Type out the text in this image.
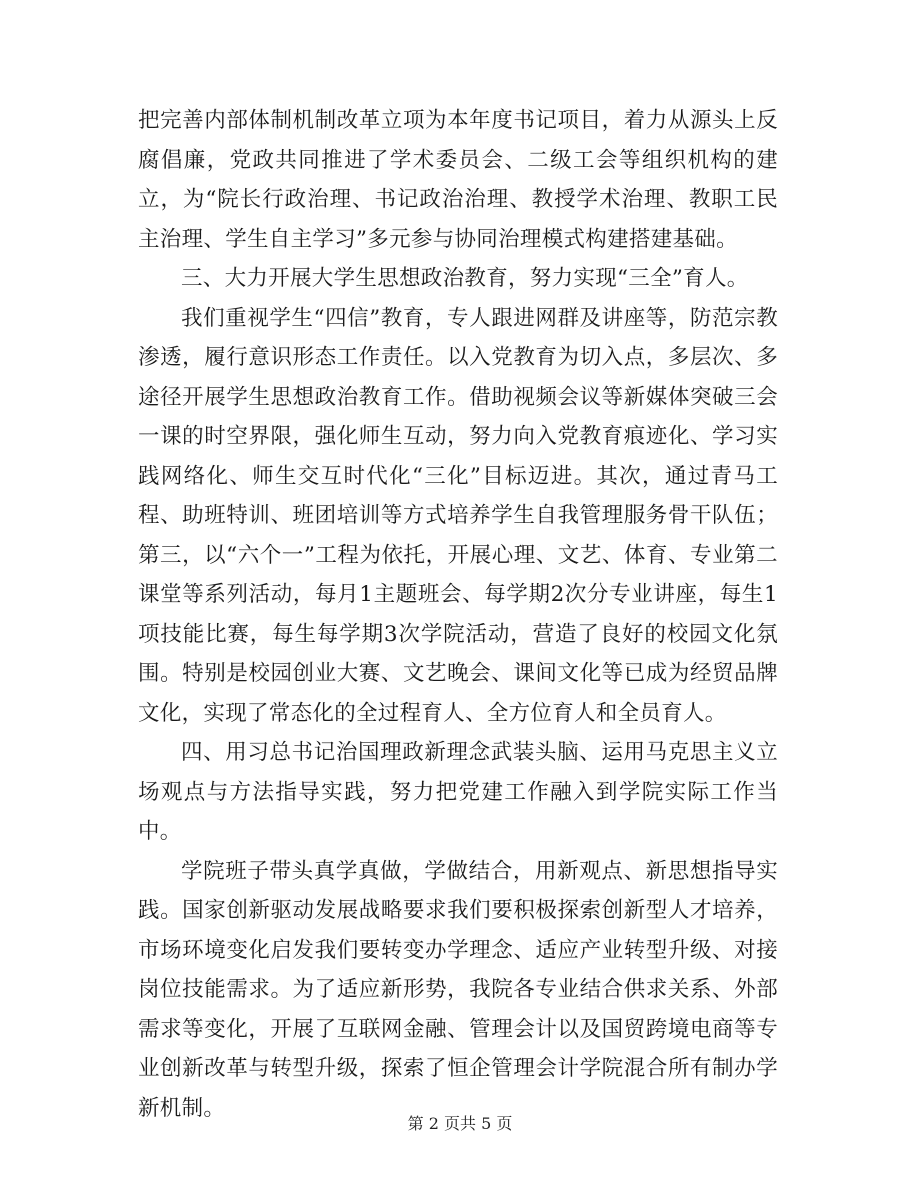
把完善内部体制机制改革立项为本年度书记项目，着力从源头上反腐倡廉，党政共同推进了学术委员会、二级工会等组织机构的建立，为“院长行政治理、书记政治治理、教授学术治理、教职工民主治理、学生自主学习”多元参与协同治理模式构建搭建基础。

三、大力开展大学生思想政治教育，努力实现“三全”育人。

我们重视学生“四信”教育，专人跟进网群及讲座等，防范宗教渗透，履行意识形态工作责任。以入党教育为切入点，多层次、多途径开展学生思想政治教育工作。借助视频会议等新媒体突破三会一课的时空界限，强化师生互动，努力向入党教育痕迹化、学习实践网络化、师生交互时代化“三化”目标迈进。其次，通过青马工程、助班特训、班团培训等方式培养学生自我管理服务骨干队伍；第三，以“六个一”工程为依托，开展心理、文艺、体育、专业第二课堂等系列活动，每月1主题班会、每学期2次分专业讲座，每生1项技能比赛，每生每学期3次学院活动，营造了良好的校园文化氛围。特别是校园创业大赛、文艺晚会、课间文化等已成为经贸品牌文化，实现了常态化的全过程育人、全方位育人和全员育人。

四、用习总书记治国理政新理念武装头脑、运用马克思主义立场观点与方法指导实践，努力把党建工作融入到学院实际工作当中。

学院班子带头真学真做，学做结合，用新观点、新思想指导实践。国家创新驱动发展战略要求我们要积极探索创新型人才培养，市场环境变化启发我们要转变办学理念、适应产业转型升级、对接岗位技能需求。为了适应新形势，我院各专业结合供求关系、外部需求等变化，开展了互联网金融、管理会计以及国贸跨境电商等专业创新改革与转型升级，探索了恒企管理会计学院混合所有制办学新机制。

第 2 页共 5 页
